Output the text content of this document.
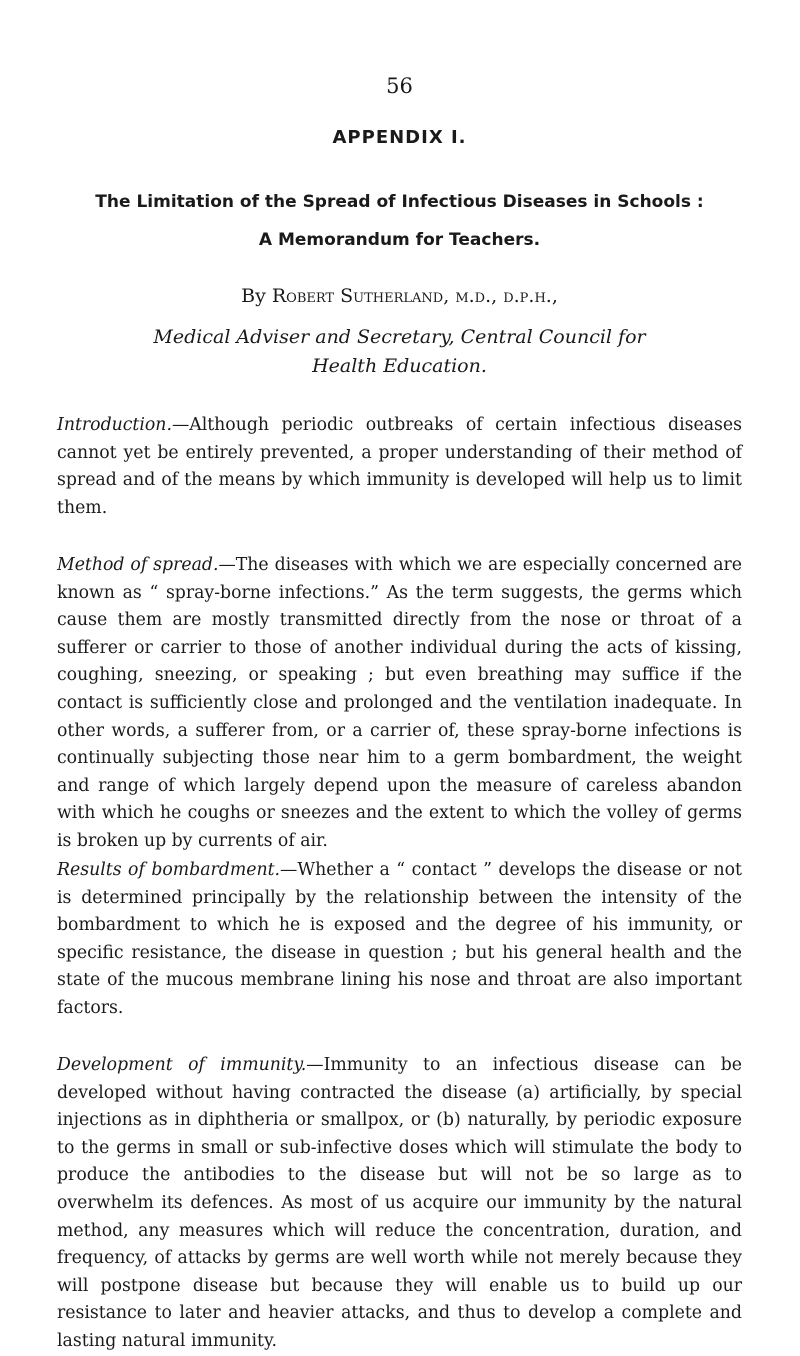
56
APPENDIX I.
The Limitation of the Spread of Infectious Diseases in Schools :
A Memorandum for Teachers.
By Robert Sutherland, m.d., d.p.h.,
Medical Adviser and Secretary, Central Council for
Health Education.

Introduction.—Although periodic outbreaks of certain infectious diseases cannot yet be entirely prevented, a proper understanding of their method of spread and of the means by which immunity is developed will help us to limit them.

Method of spread.—The diseases with which we are especially concerned are known as “ spray-borne infections.” As the term suggests, the germs which cause them are mostly transmitted directly from the nose or throat of a sufferer or carrier to those of another individual during the acts of kissing, coughing, sneezing, or speaking ; but even breathing may suffice if the contact is sufficiently close and prolonged and the ventilation inadequate. In other words, a sufferer from, or a carrier of, these spray-borne infections is continually subjecting those near him to a germ bombardment, the weight and range of which largely depend upon the measure of careless abandon with which he coughs or sneezes and the extent to which the volley of germs is broken up by currents of air.

Results of bombardment.—Whether a “ contact ” develops the disease or not is determined principally by the relationship between the intensity of the bombardment to which he is exposed and the degree of his immunity, or specific resistance, the disease in question ; but his general health and the state of the mucous membrane lining his nose and throat are also important factors.

Development of immunity.—Immunity to an infectious disease can be developed without having contracted the disease (a) artificially, by special injections as in diphtheria or smallpox, or (b) naturally, by periodic exposure to the germs in small or sub-infective doses which will stimulate the body to produce the antibodies to the disease but will not be so large as to overwhelm its defences. As most of us acquire our immunity by the natural method, any measures which will reduce the concentration, duration, and frequency, of attacks by germs are well worth while not merely because they will postpone disease but because they will enable us to build up our resistance to later and heavier attacks, and thus to develop a complete and lasting natural immunity.
